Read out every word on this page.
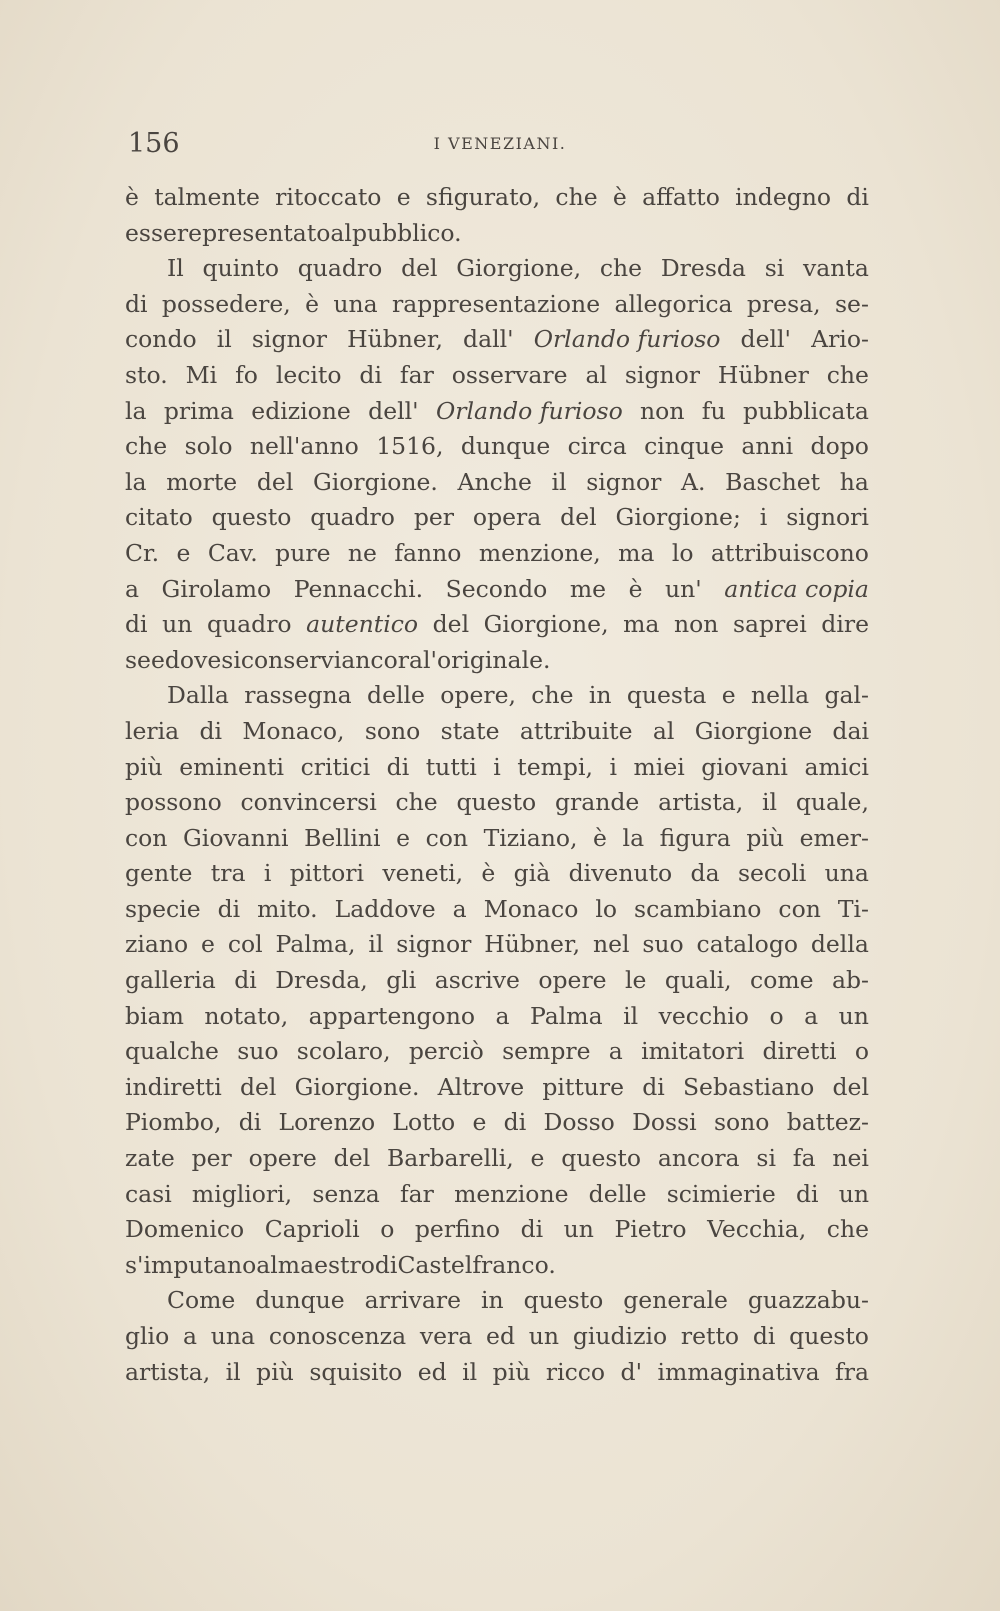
156	I VENEZIANI.
è talmente ritoccato e sfigurato, che è affatto indegno di
essere presentato al pubblico.
Il quinto quadro del Giorgione, che Dresda si vanta
di possedere, è una rappresentazione allegorica presa, se-
condo il signor Hübner, dall' Orlando furioso dell' Ario-
sto. Mi fo lecito di far osservare al signor Hübner che
la prima edizione dell' Orlando furioso non fu pubblicata
che solo nell'anno 1516, dunque circa cinque anni dopo
la morte del Giorgione. Anche il signor A. Baschet ha
citato questo quadro per opera del Giorgione; i signori
Cr. e Cav. pure ne fanno menzione, ma lo attribuiscono
a Girolamo Pennacchi. Secondo me è un' antica copia
di un quadro autentico del Giorgione, ma non saprei dire
se e dove si conservi ancora l' originale.
Dalla rassegna delle opere, che in questa e nella gal-
leria di Monaco, sono state attribuite al Giorgione dai
più eminenti critici di tutti i tempi, i miei giovani amici
possono convincersi che questo grande artista, il quale,
con Giovanni Bellini e con Tiziano, è la figura più emer-
gente tra i pittori veneti, è già divenuto da secoli una
specie di mito. Laddove a Monaco lo scambiano con Ti-
ziano e col Palma, il signor Hübner, nel suo catalogo della
galleria di Dresda, gli ascrive opere le quali, come ab-
biam notato, appartengono a Palma il vecchio o a un
qualche suo scolaro, perciò sempre a imitatori diretti o
indiretti del Giorgione. Altrove pitture di Sebastiano del
Piombo, di Lorenzo Lotto e di Dosso Dossi sono battez-
zate per opere del Barbarelli, e questo ancora si fa nei
casi migliori, senza far menzione delle scimierie di un
Domenico Caprioli o perfino di un Pietro Vecchia, che
s' imputano al maestro di Castelfranco.
Come dunque arrivare in questo generale guazzabu-
glio a una conoscenza vera ed un giudizio retto di questo
artista, il più squisito ed il più ricco d' immaginativa fra
